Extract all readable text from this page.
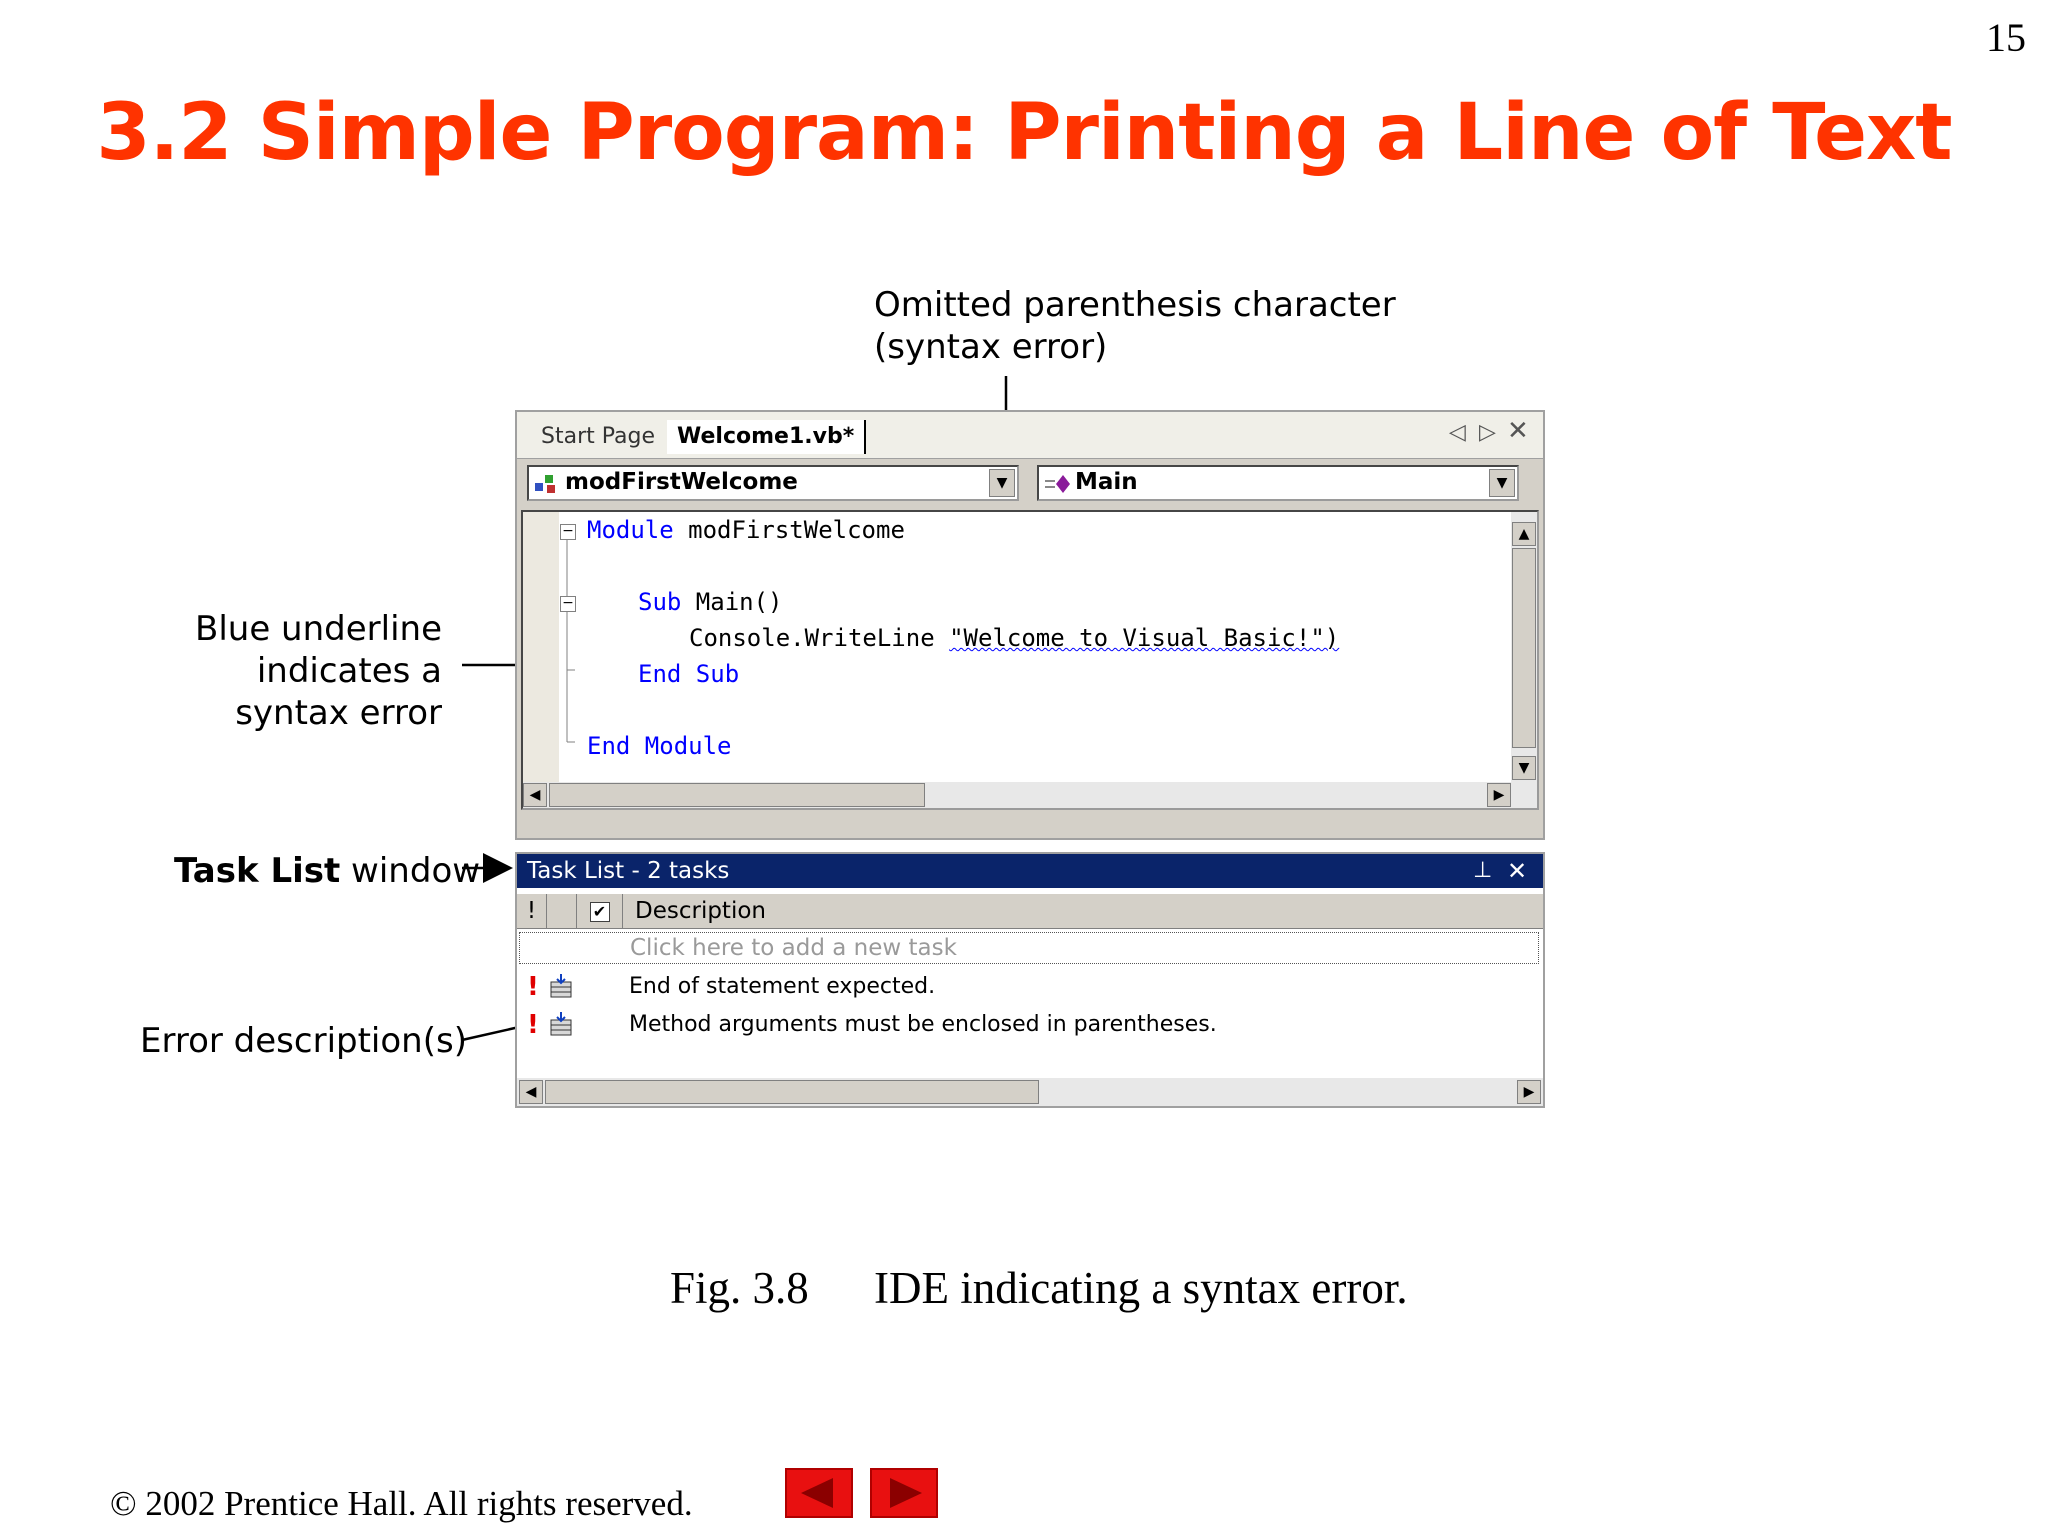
15
3.2 Simple Program: Printing a Line of Text
Omitted parenthesis character
(syntax error)
Blue underline
indicates a
syntax error
Task List window
Error description(s)
Start Page	Welcome1.vb*	◁ ▷ ✕
modFirstWelcome	▼	Main	▼
−
−
Module modFirstWelcome
Sub Main()
Console.WriteLine "Welcome to Visual Basic!")
End Sub
End Module
▲
▼
◀	▶
Task List - 2 tasks	⊥ ✕
!	✔	Description
Click here to add a new task
!	End of statement expected.
!	Method arguments must be enclosed in parentheses.
◀	▶
Fig. 3.8 IDE indicating a syntax error.
© 2002 Prentice Hall. All rights reserved.
